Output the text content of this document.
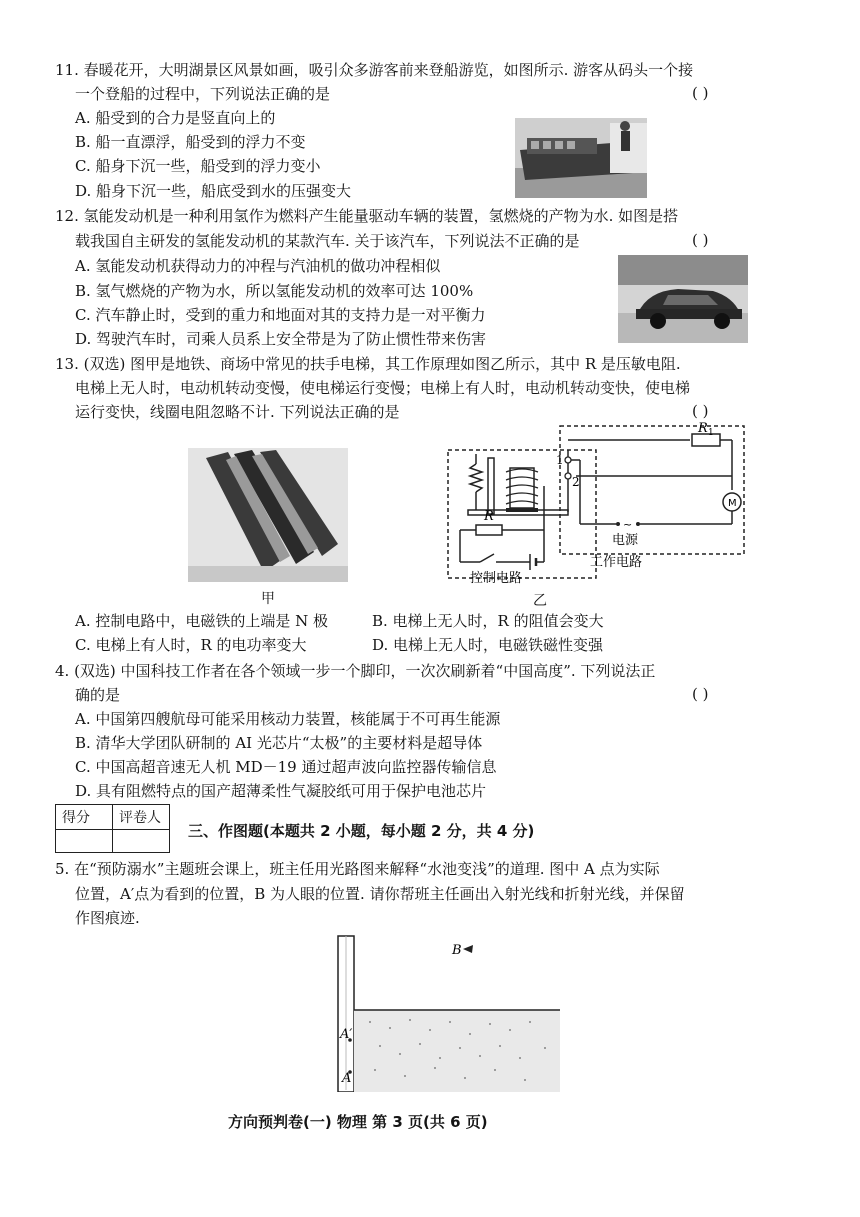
11. 春暖花开，大明湖景区风景如画，吸引众多游客前来登船游览，如图所示. 游客从码头一个接
一个登船的过程中，下列说法正确的是	( )
A. 船受到的合力是竖直向上的
B. 船一直漂浮，船受到的浮力不变
C. 船身下沉一些，船受到的浮力变小
D. 船身下沉一些，船底受到水的压强变大
12. 氢能发动机是一种利用氢作为燃料产生能量驱动车辆的装置，氢燃烧的产物为水. 如图是搭
载我国自主研发的氢能发动机的某款汽车. 关于该汽车，下列说法不正确的是	( )
A. 氢能发动机获得动力的冲程与汽油机的做功冲程相似
B. 氢气燃烧的产物为水，所以氢能发动机的效率可达 100%
C. 汽车静止时，受到的重力和地面对其的支持力是一对平衡力
D. 驾驶汽车时，司乘人员系上安全带是为了防止惯性带来伤害
13. (双选) 图甲是地铁、商场中常见的扶手电梯，其工作原理如图乙所示，其中 R 是压敏电阻.
电梯上无人时，电动机转动变慢，使电梯运行变慢；电梯上有人时，电动机转动变快，使电梯
运行变快，线圈电阻忽略不计. 下列说法正确的是	( )
甲
~
1
2
R 1
M
R
电源
工作电路
控制电路
乙
A. 控制电路中，电磁铁的上端是 N 极	B. 电梯上无人时，R 的阻值会变大
C. 电梯上有人时，R 的电功率变大	D. 电梯上无人时，电磁铁磁性变强
4. (双选) 中国科技工作者在各个领域一步一个脚印，一次次刷新着“中国高度”. 下列说法正
确的是	( )
A. 中国第四艘航母可能采用核动力装置，核能属于不可再生能源
B. 清华大学团队研制的 AI 光芯片“太极”的主要材料是超导体
C. 中国高超音速无人机 MD－19 通过超声波向监控器传输信息
D. 具有阻燃特点的国产超薄柔性气凝胶纸可用于保护电池芯片
得分	评卷人

三、作图题(本题共 2 小题，每小题 2 分，共 4 分)
5. 在“预防溺水”主题班会课上，班主任用光路图来解释“水池变浅”的道理. 图中 A 点为实际
位置，A′点为看到的位置，B 为人眼的位置. 请你帮班主任画出入射光线和折射光线，并保留
作图痕迹.
A′
A
B
方向预判卷(一) 物理 第 3 页(共 6 页)
